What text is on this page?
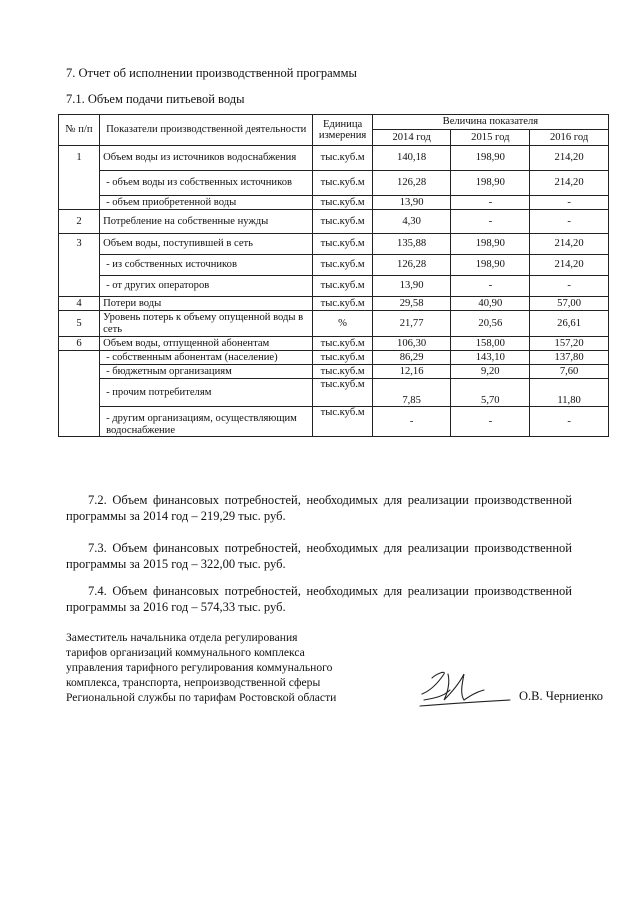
7. Отчет об исполнении производственной программы
7.1. Объем подачи питьевой воды
№ п/п	Показатели производственной деятельности	Единица измерения	Величина показателя		
			2014 год	2015 год	2016 год
1	Объем воды из источников водоснабжения	тыс.куб.м	140,18	198,90	214,20
	- объем воды из собственных источников	тыс.куб.м	126,28	198,90	214,20
	- объем приобретенной воды	тыс.куб.м	13,90	-	-
2	Потребление на собственные нужды	тыс.куб.м	4,30	-	-
3	Объем воды, поступившей в сеть	тыс.куб.м	135,88	198,90	214,20
	- из собственных источников	тыс.куб.м	126,28	198,90	214,20
	- от других операторов	тыс.куб.м	13,90	-	-
4	Потери воды	тыс.куб.м	29,58	40,90	57,00
5	Уровень потерь к объему опущенной воды в сеть	%	21,77	20,56	26,61
6	Объем воды, отпущенной абонентам	тыс.куб.м	106,30	158,00	157,20
	- собственным абонентам (население)	тыс.куб.м	86,29	143,10	137,80
	- бюджетным организациям	тыс.куб.м	12,16	9,20	7,60
	- прочим потребителям	тыс.куб.м	7,85	5,70	11,80
	- другим организациям, осуществляющим водоснабжение	тыс.куб.м	-	-	-
7.2. Объем финансовых потребностей, необходимых для реализации производственной
программы за 2014 год – 219,29 тыс. руб.
7.3. Объем финансовых потребностей, необходимых для реализации производственной
программы за 2015 год – 322,00 тыс. руб.
7.4. Объем финансовых потребностей, необходимых для реализации производственной
программы за 2016 год – 574,33 тыс. руб.
Заместитель начальника отдела регулирования
тарифов организаций коммунального комплекса
управления тарифного регулирования коммунального
комплекса, транспорта, непроизводственной сферы
Региональной службы по тарифам Ростовской области	О.В. Черниенко
